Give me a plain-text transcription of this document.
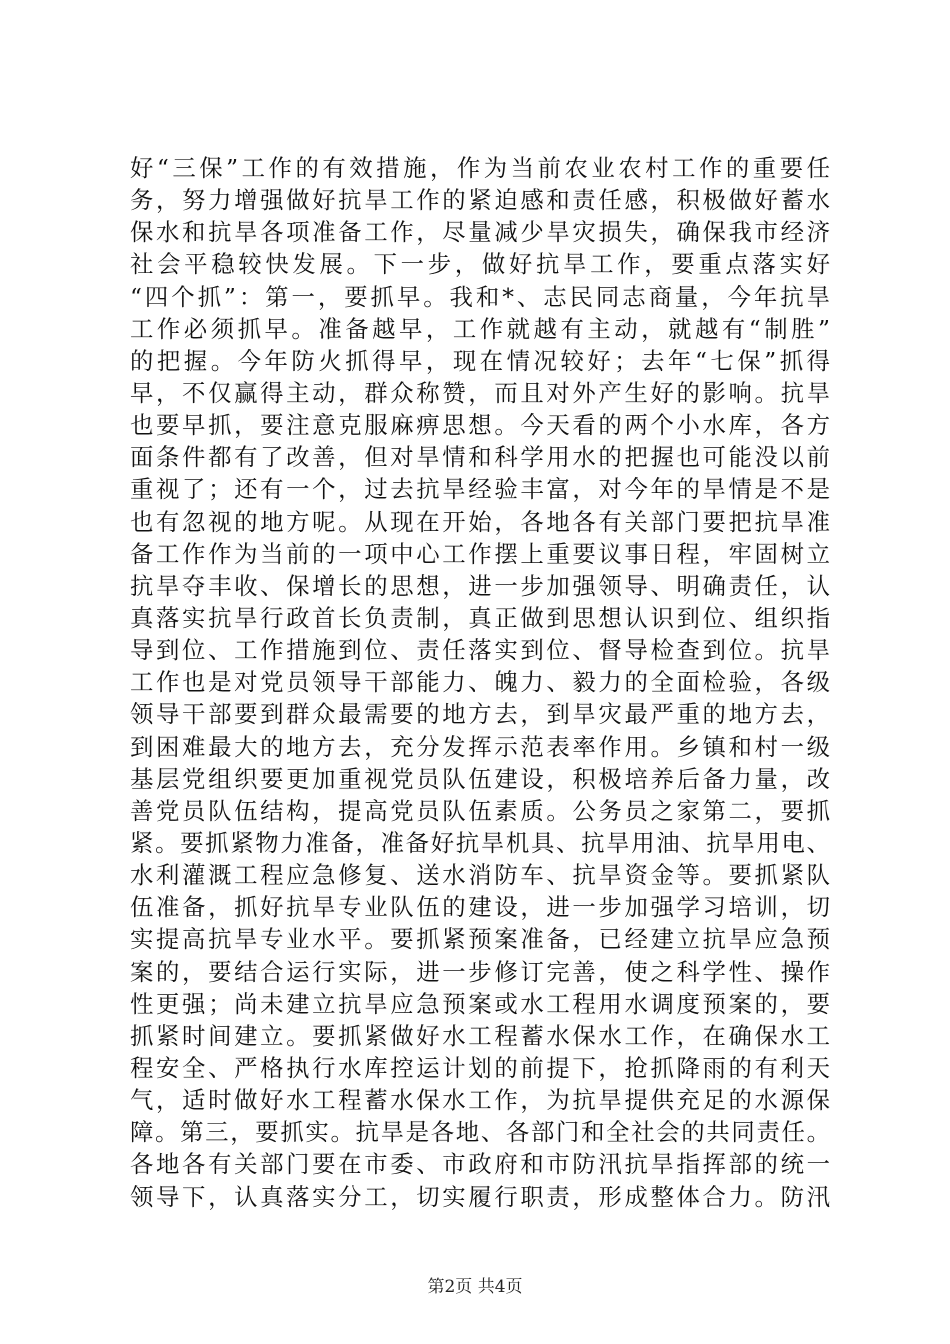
好“三保”工作的有效措施，作为当前农业农村工作的重要任
务，努力增强做好抗旱工作的紧迫感和责任感，积极做好蓄水
保水和抗旱各项准备工作，尽量减少旱灾损失，确保我市经济
社会平稳较快发展。下一步，做好抗旱工作，要重点落实好
“四个抓”：第一，要抓早。我和*、志民同志商量，今年抗旱
工作必须抓早。准备越早，工作就越有主动，就越有“制胜”
的把握。今年防火抓得早，现在情况较好；去年“七保”抓得
早，不仅赢得主动，群众称赞，而且对外产生好的影响。抗旱
也要早抓，要注意克服麻痹思想。今天看的两个小水库，各方
面条件都有了改善，但对旱情和科学用水的把握也可能没以前
重视了；还有一个，过去抗旱经验丰富，对今年的旱情是不是
也有忽视的地方呢。从现在开始，各地各有关部门要把抗旱准
备工作作为当前的一项中心工作摆上重要议事日程，牢固树立
抗旱夺丰收、保增长的思想，进一步加强领导、明确责任，认
真落实抗旱行政首长负责制，真正做到思想认识到位、组织指
导到位、工作措施到位、责任落实到位、督导检查到位。抗旱
工作也是对党员领导干部能力、魄力、毅力的全面检验，各级
领导干部要到群众最需要的地方去，到旱灾最严重的地方去，
到困难最大的地方去，充分发挥示范表率作用。乡镇和村一级
基层党组织要更加重视党员队伍建设，积极培养后备力量，改
善党员队伍结构，提高党员队伍素质。公务员之家第二，要抓
紧。要抓紧物力准备，准备好抗旱机具、抗旱用油、抗旱用电、
水利灌溉工程应急修复、送水消防车、抗旱资金等。要抓紧队
伍准备，抓好抗旱专业队伍的建设，进一步加强学习培训，切
实提高抗旱专业水平。要抓紧预案准备，已经建立抗旱应急预
案的，要结合运行实际，进一步修订完善，使之科学性、操作
性更强；尚未建立抗旱应急预案或水工程用水调度预案的，要
抓紧时间建立。要抓紧做好水工程蓄水保水工作，在确保水工
程安全、严格执行水库控运计划的前提下，抢抓降雨的有利天
气，适时做好水工程蓄水保水工作，为抗旱提供充足的水源保
障。第三，要抓实。抗旱是各地、各部门和全社会的共同责任。
各地各有关部门要在市委、市政府和市防汛抗旱指挥部的统一
领导下，认真落实分工，切实履行职责，形成整体合力。防汛
第2页 共4页
